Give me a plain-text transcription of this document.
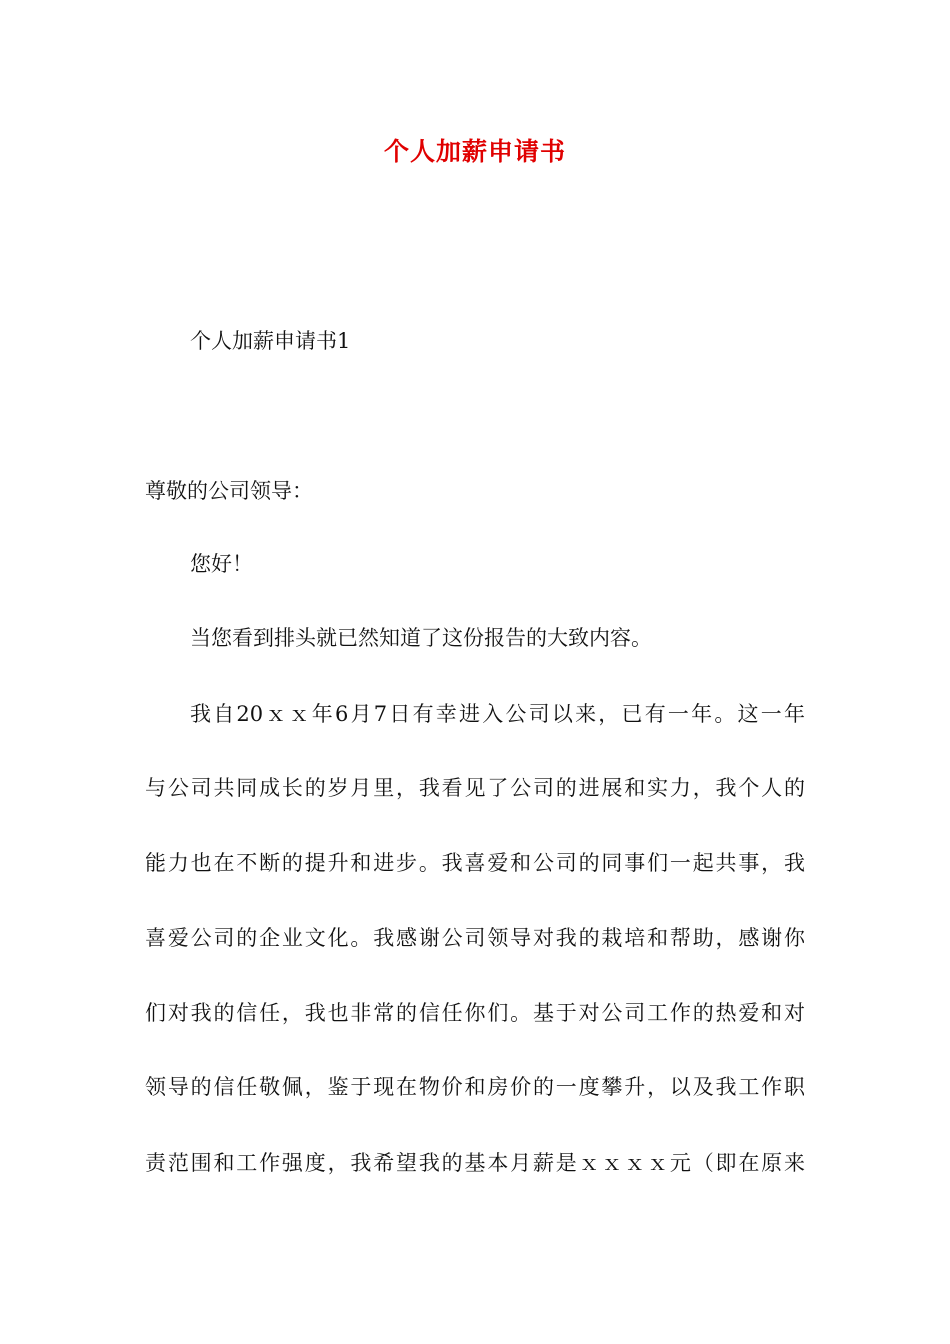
个人加薪申请书
个人加薪申请书1
尊敬的公司领导：
您好！
当您看到排头就已然知道了这份报告的大致内容。
我自20ｘｘ年6月7日有幸进入公司以来，已有一年。这一年
与公司共同成长的岁月里，我看见了公司的进展和实力，我个人的
能力也在不断的提升和进步。我喜爱和公司的同事们一起共事，我
喜爱公司的企业文化。我感谢公司领导对我的栽培和帮助，感谢你
们对我的信任，我也非常的信任你们。基于对公司工作的热爱和对
领导的信任敬佩，鉴于现在物价和房价的一度攀升，以及我工作职
责范围和工作强度，我希望我的基本月薪是ｘｘｘｘ元（即在原来
